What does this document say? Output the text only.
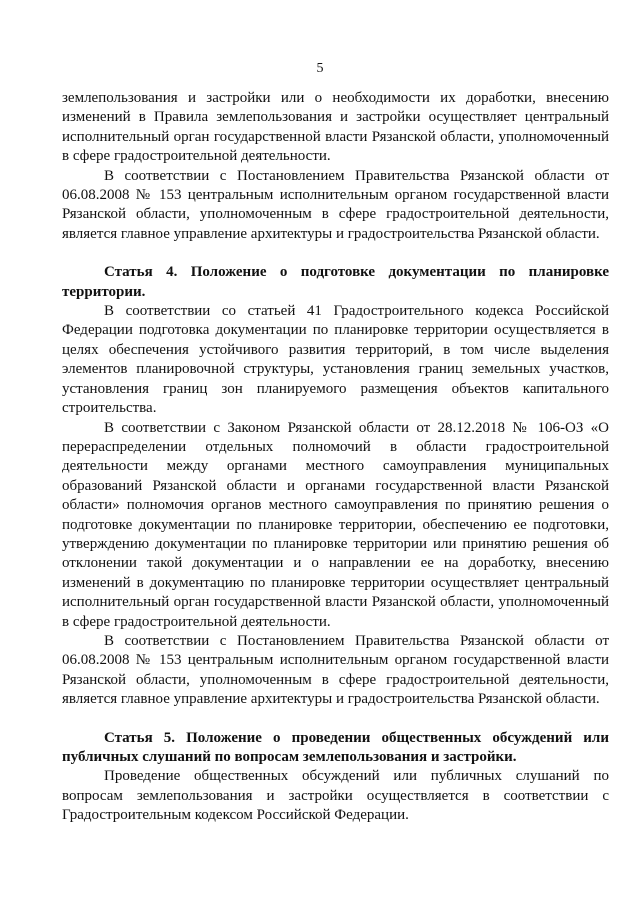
5

землепользования и застройки или о необходимости их доработки, внесению изменений в Правила землепользования и застройки осуществляет центральный исполнительный орган государственной власти Рязанской области, уполномоченный в сфере градостроительной деятельности.

В соответствии с Постановлением Правительства Рязанской области от 06.08.2008 № 153 центральным исполнительным органом государственной власти Рязанской области, уполномоченным в сфере градостроительной деятельности, является главное управление архитектуры и градостроительства Рязанской области.

Статья 4. Положение о подготовке документации по планировке территории.

В соответствии со статьей 41 Градостроительного кодекса Российской Федерации подготовка документации по планировке территории осуществляется в целях обеспечения устойчивого развития территорий, в том числе выделения элементов планировочной структуры, установления границ земельных участков, установления границ зон планируемого размещения объектов капитального строительства.

В соответствии с Законом Рязанской области от 28.12.2018 № 106-ОЗ «О перераспределении отдельных полномочий в области градостроительной деятельности между органами местного самоуправления муниципальных образований Рязанской области и органами государственной власти Рязанской области» полномочия органов местного самоуправления по принятию решения о подготовке документации по планировке территории, обеспечению ее подготовки, утверждению документации по планировке территории или принятию решения об отклонении такой документации и о направлении ее на доработку, внесению изменений в документацию по планировке территории осуществляет центральный исполнительный орган государственной власти Рязанской области, уполномоченный в сфере градостроительной деятельности.

В соответствии с Постановлением Правительства Рязанской области от 06.08.2008 № 153 центральным исполнительным органом государственной власти Рязанской области, уполномоченным в сфере градостроительной деятельности, является главное управление архитектуры и градостроительства Рязанской области.

Статья 5. Положение о проведении общественных обсуждений или публичных слушаний по вопросам землепользования и застройки.

Проведение общественных обсуждений или публичных слушаний по вопросам землепользования и застройки осуществляется в соответствии с Градостроительным кодексом Российской Федерации.
